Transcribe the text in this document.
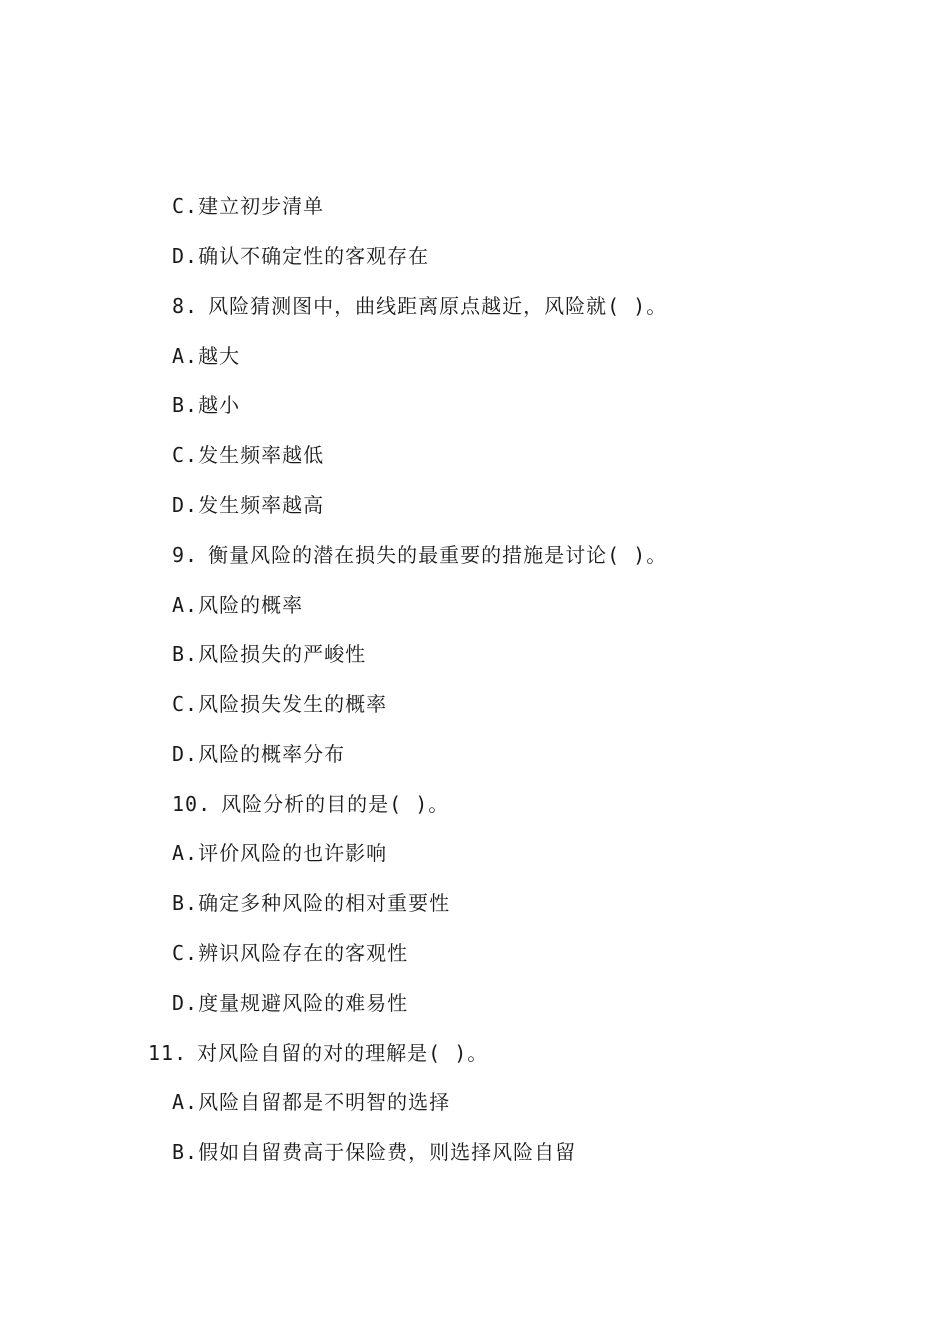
C.建立初步清单
D.确认不确定性的客观存在
8. 风险猜测图中，曲线距离原点越近，风险就( )。
A.越大
B.越小
C.发生频率越低
D.发生频率越高
9. 衡量风险的潜在损失的最重要的措施是讨论( )。
A.风险的概率
B.风险损失的严峻性
C.风险损失发生的概率
D.风险的概率分布
10. 风险分析的目的是( )。
A.评价风险的也许影响
B.确定多种风险的相对重要性
C.辨识风险存在的客观性
D.度量规避风险的难易性
11. 对风险自留的对的理解是( )。
A.风险自留都是不明智的选择
B.假如自留费高于保险费，则选择风险自留
